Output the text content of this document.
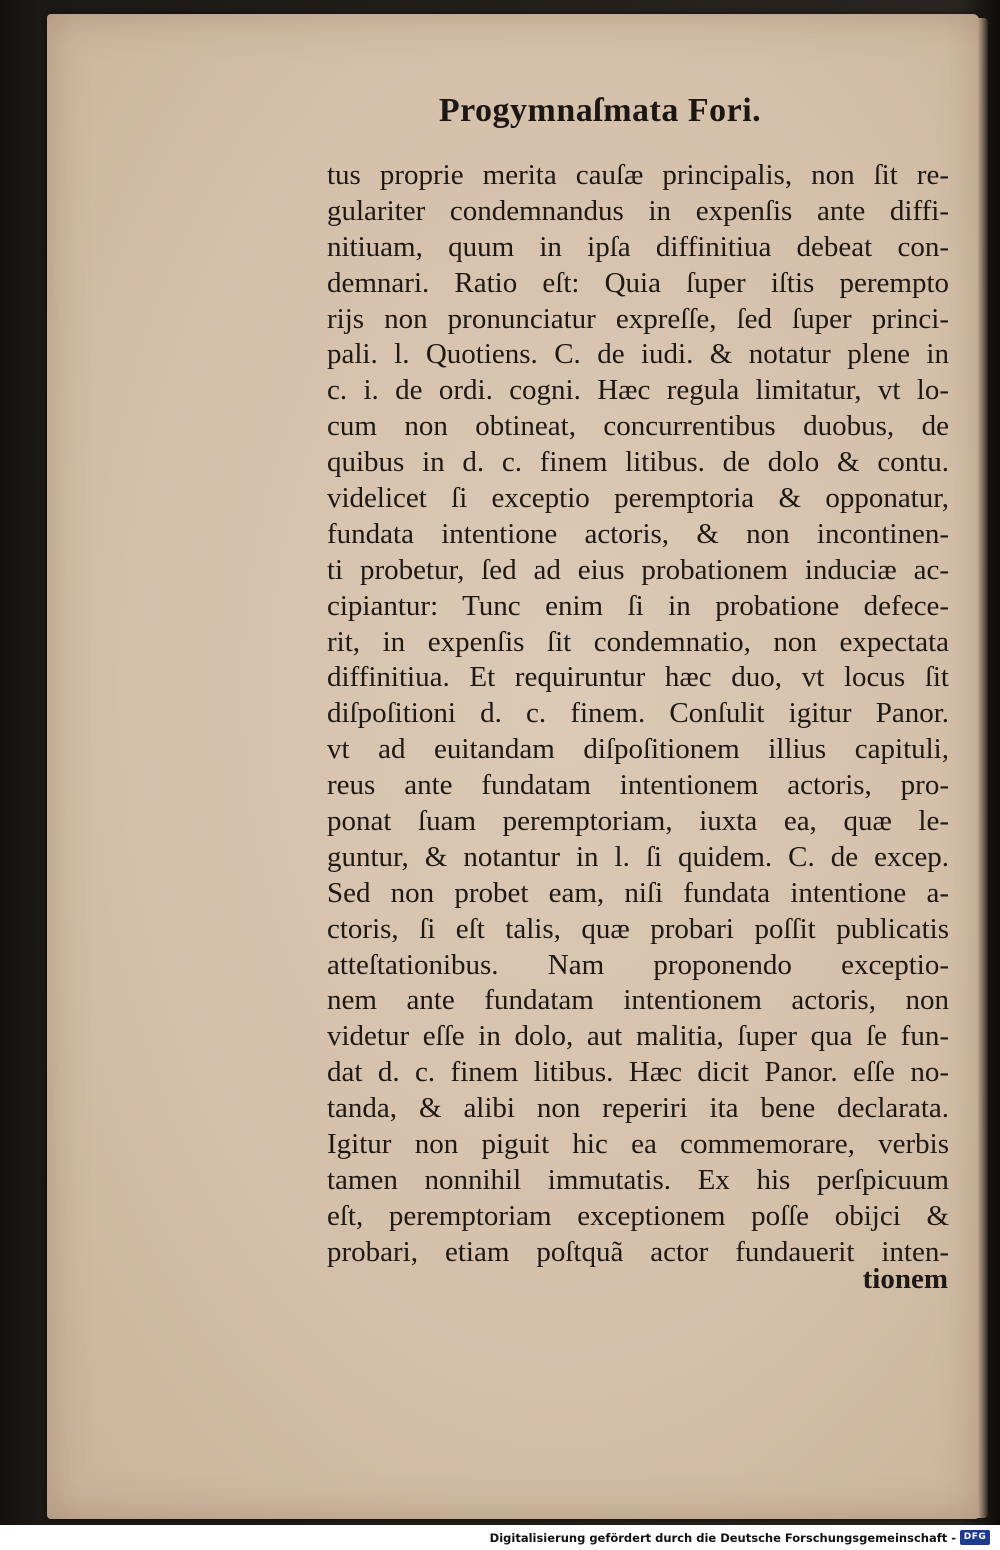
Progymnaſmata Fori.
tus proprie merita cauſæ principalis, non ſit re-
gulariter condemnandus in expenſis ante diffi-
nitiuam, quum in ipſa diffinitiua debeat con-
demnari. Ratio eſt: Quia ſuper iſtis perempto
rijs non pronunciatur expreſſe, ſed ſuper princi-
pali. l. Quotiens. C. de iudi. & notatur plene in
c. i. de ordi. cogni. Hæc regula limitatur, vt lo-
cum non obtineat, concurrentibus duobus, de
quibus in d. c. finem litibus. de dolo & contu.
videlicet ſi exceptio peremptoria & opponatur,
fundata intentione actoris, & non incontinen-
ti probetur, ſed ad eius probationem induciæ ac-
cipiantur: Tunc enim ſi in probatione defece-
rit, in expenſis ſit condemnatio, non expectata
diffinitiua. Et requiruntur hæc duo, vt locus ſit
diſpoſitioni d. c. finem. Conſulit igitur Panor.
vt ad euitandam diſpoſitionem illius capituli,
reus ante fundatam intentionem actoris, pro-
ponat ſuam peremptoriam, iuxta ea, quæ le-
guntur, & notantur in l. ſi quidem. C. de excep.
Sed non probet eam, niſi fundata intentione a-
ctoris, ſi eſt talis, quæ probari poſſit publicatis
atteſtationibus. Nam proponendo exceptio-
nem ante fundatam intentionem actoris, non
videtur eſſe in dolo, aut malitia, ſuper qua ſe fun-
dat d. c. finem litibus. Hæc dicit Panor. eſſe no-
tanda, & alibi non reperiri ita bene declarata.
Igitur non piguit hic ea commemorare, verbis
tamen nonnihil immutatis. Ex his perſpicuum
eſt, peremptoriam exceptionem poſſe obijci &
probari, etiam poſtquã actor fundauerit inten-
tionem
Digitalisierung gefördert durch die Deutsche Forschungsgemeinschaft - DFG
